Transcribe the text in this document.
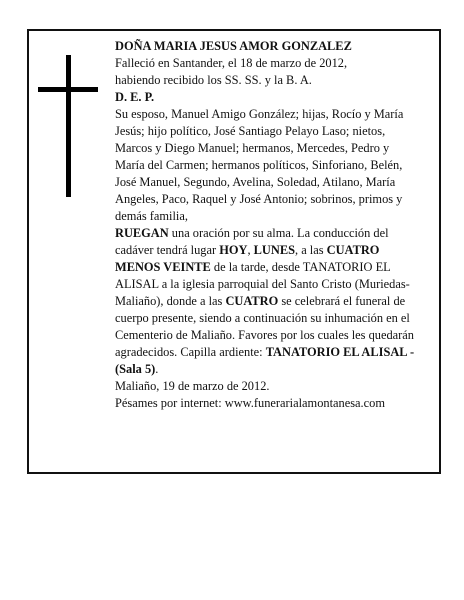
DOÑA MARIA JESUS AMOR GONZALEZ
Falleció en Santander, el 18 de marzo de 2012,
habiendo recibido los SS. SS. y la B. A.
D. E. P.
Su esposo, Manuel Amigo González; hijas, Rocío y María Jesús; hijo político, José Santiago Pelayo Laso; nietos, Marcos y Diego Manuel; hermanos, Mercedes, Pedro y María del Carmen; hermanos políticos, Sinforiano, Belén, José Manuel, Segundo, Avelina, Soledad, Atilano, María Angeles, Paco, Raquel y José Antonio; sobrinos, primos y demás familia,
RUEGAN una oración por su alma. La conducción del cadáver tendrá lugar HOY, LUNES, a las CUATRO MENOS VEINTE de la tarde, desde TANATORIO EL ALISAL a la iglesia parroquial del Santo Cristo (Muriedas-Maliaño), donde a las CUATRO se celebrará el funeral de cuerpo presente, siendo a continuación su inhumación en el Cementerio de Maliaño. Favores por los cuales les quedarán agradecidos. Capilla ardiente: TANATORIO EL ALISAL - (Sala 5).
Maliaño, 19 de marzo de 2012.
Pésames por internet: www.funerarialamontanesa.com
